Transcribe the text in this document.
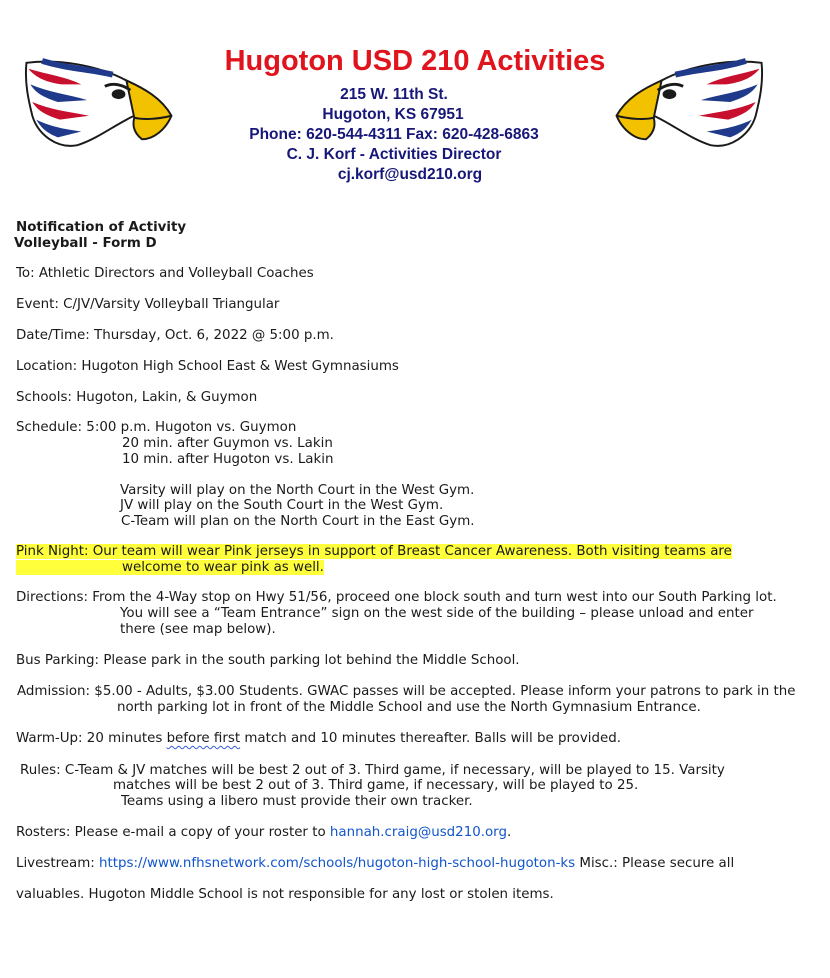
Hugoton USD 210 Activities
215 W. 11th St.
Hugoton, KS 67951
Phone: 620-544-4311 Fax: 620-428-6863
C. J. Korf - Activities Director
cj.korf@usd210.org
Notification of Activity
Volleyball - Form D
To: Athletic Directors and Volleyball Coaches
Event: C/JV/Varsity Volleyball Triangular
Date/Time: Thursday, Oct. 6, 2022 @ 5:00 p.m.
Location: Hugoton High School East & West Gymnasiums
Schools: Hugoton, Lakin, & Guymon
Schedule: 5:00 p.m. Hugoton vs. Guymon
20 min. after Guymon vs. Lakin
10 min. after Hugoton vs. Lakin
Varsity will play on the North Court in the West Gym.
JV will play on the South Court in the West Gym.
C-Team will plan on the North Court in the East Gym.
Pink Night: Our team will wear Pink jerseys in support of Breast Cancer Awareness. Both visiting teams are
welcome to wear pink as well.
Directions: From the 4-Way stop on Hwy 51/56, proceed one block south and turn west into our South Parking lot.
You will see a “Team Entrance” sign on the west side of the building – please unload and enter
there (see map below).
Bus Parking: Please park in the south parking lot behind the Middle School.
Admission: $5.00 - Adults, $3.00 Students. GWAC passes will be accepted. Please inform your patrons to park in the
north parking lot in front of the Middle School and use the North Gymnasium Entrance.
Warm-Up: 20 minutes before first match and 10 minutes thereafter. Balls will be provided.
Rules: C-Team & JV matches will be best 2 out of 3. Third game, if necessary, will be played to 15. Varsity
matches will be best 2 out of 3. Third game, if necessary, will be played to 25.
Teams using a libero must provide their own tracker.
Rosters: Please e-mail a copy of your roster to hannah.craig@usd210.org.
Livestream: https://www.nfhsnetwork.com/schools/hugoton-high-school-hugoton-ks Misc.: Please secure all
valuables. Hugoton Middle School is not responsible for any lost or stolen items.
